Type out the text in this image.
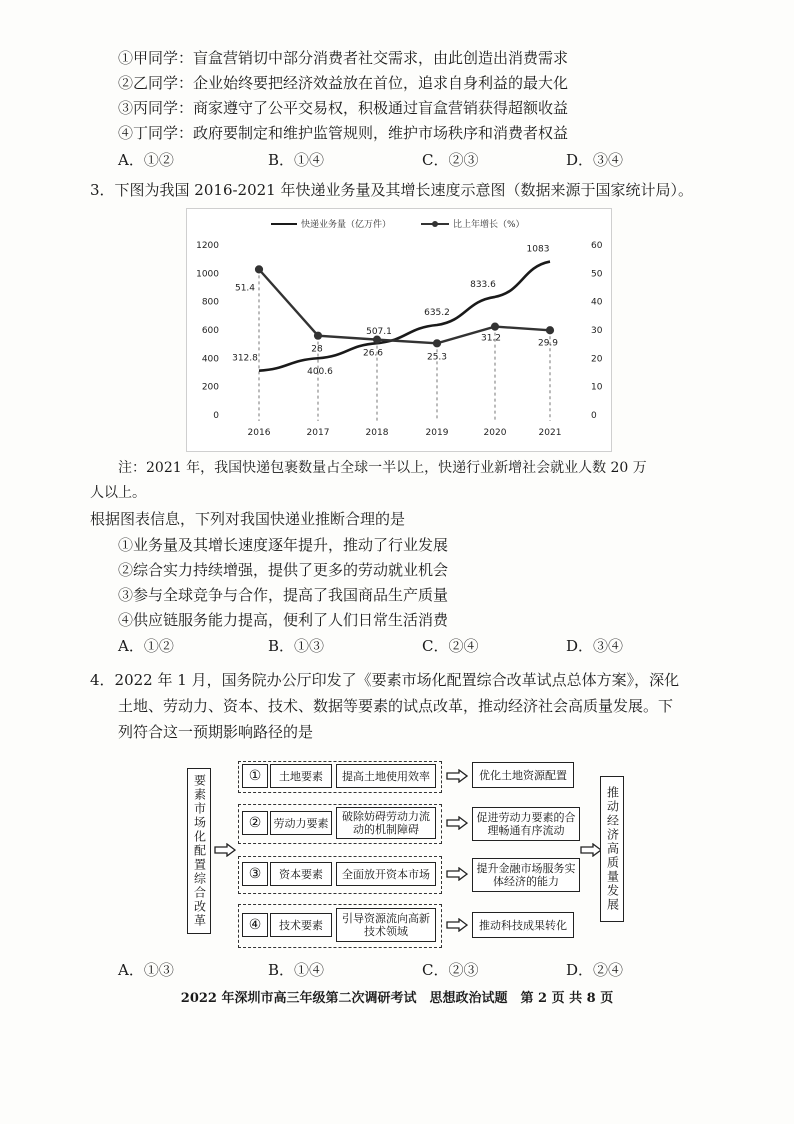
①甲同学：盲盒营销切中部分消费者社交需求，由此创造出消费需求
②乙同学：企业始终要把经济效益放在首位，追求自身利益的最大化
③丙同学：商家遵守了公平交易权，积极通过盲盒营销获得超额收益
④丁同学：政府要制定和维护监管规则，维护市场秩序和消费者权益
A．①②	B．①④	C．②③	D．③④
3．下图为我国 2016-2021 年快递业务量及其增长速度示意图（数据来源于国家统计局）。
快递业务量（亿万件）	比上年增长（%）
0
200
400
600
800
1000
1200
0
10
20
30
40
50
60
2016	2017	2018	2019	2020	2021
312.8
400.6
507.1
635.2
833.6
1083
51.4
28	26.6	25.3
31.2	29.9
注：2021 年，我国快递包裹数量占全球一半以上，快递行业新增社会就业人数 20 万
人以上。
根据图表信息，下列对我国快递业推断合理的是
①业务量及其增长速度逐年提升，推动了行业发展
②综合实力持续增强，提供了更多的劳动就业机会
③参与全球竞争与合作，提高了我国商品生产质量
④供应链服务能力提高，便利了人们日常生活消费
A．①②	B．①③	C．②④	D．③④
4．2022 年 1 月，国务院办公厅印发了《要素市场化配置综合改革试点总体方案》，深化
土地、劳动力、资本、技术、数据等要素的试点改革，推动经济社会高质量发展。下
列符合这一预期影响路径的是
要素市场化配置综合改革	①	土地要素	提高土地使用效率	优化土地资源配置
②	劳动力要素	破除妨碍劳动力流动的机制障碍
促进劳动力要素的合理畅通有序流动
③	资本要素	全面放开资本市场	提升金融市场服务实体经济的能力
④	技术要素	引导资源流向高新技术领域	推动科技成果转化
推动经济高质量发展
A．①③	B．①④	C．②③	D．②④
2022 年深圳市高三年级第二次调研考试　思想政治试题　第 2 页 共 8 页
